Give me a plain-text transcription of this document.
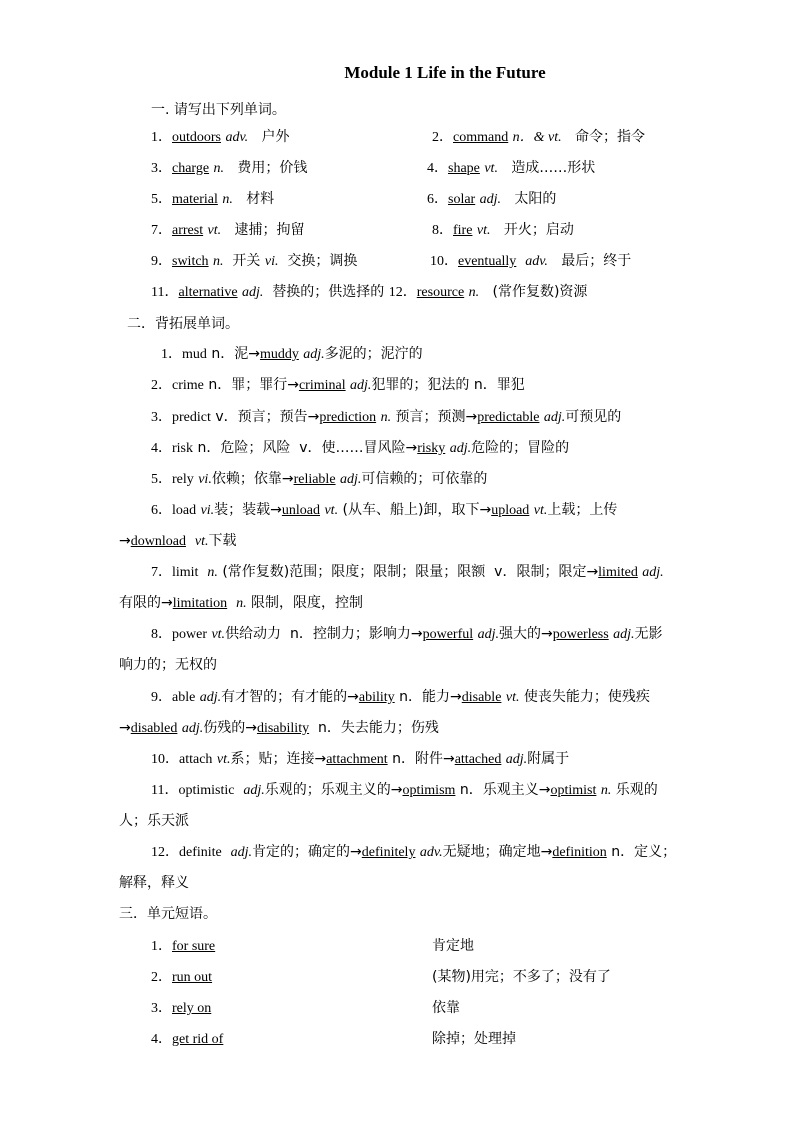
Module 1 Life in the Future
一. 请写出下列单词。
1．outdoors adv. 户外	2．command n．& vt. 命令；指令
3．charge n. 费用；价钱	4．shape vt. 造成……形状
5．material n. 材料	6．solar adj. 太阳的
7．arrest vt. 逮捕；拘留	8．fire vt. 开火；启动
9．switch n. 开关 vi. 交换；调换	10．eventually adv. 最后；终于
11．alternative adj. 替换的；供选择的 12．resource n. (常作复数)资源
二．背拓展单词。
1．mud n．泥→muddy adj.多泥的；泥泞的
2．crime n．罪；罪行→criminal adj.犯罪的；犯法的 n．罪犯
3．predict v．预言；预告→prediction n. 预言；预测→predictable adj.可预见的
4．risk n．危险；风险 v．使……冒风险→risky adj.危险的；冒险的
5．rely vi.依赖；依靠→reliable adj.可信赖的；可依靠的
6．load vi.装；装载→unload vt. (从车、船上)卸，取下→upload vt.上载；上传
→download vt.下载
7．limit n. (常作复数)范围；限度；限制；限量；限额 v．限制；限定→limited adj.
有限的→limitation n. 限制，限度，控制
8．power vt.供给动力 n．控制力；影响力→powerful adj.强大的→powerless adj.无影
响力的；无权的
9．able adj.有才智的；有才能的→ability n．能力→disable vt. 使丧失能力；使残疾
→disabled adj.伤残的→disability n．失去能力；伤残
10．attach vt.系；贴；连接→attachment n．附件→attached adj.附属于
11．optimistic adj.乐观的；乐观主义的→optimism n．乐观主义→optimist n. 乐观的
人；乐天派
12．definite adj.肯定的；确定的→definitely adv.无疑地；确定地→definition n．定义；
解释，释义
三．单元短语。
1．for sure	肯定地
2．run out	(某物)用完；不多了；没有了
3．rely on	依靠
4．get rid of	除掉；处理掉
